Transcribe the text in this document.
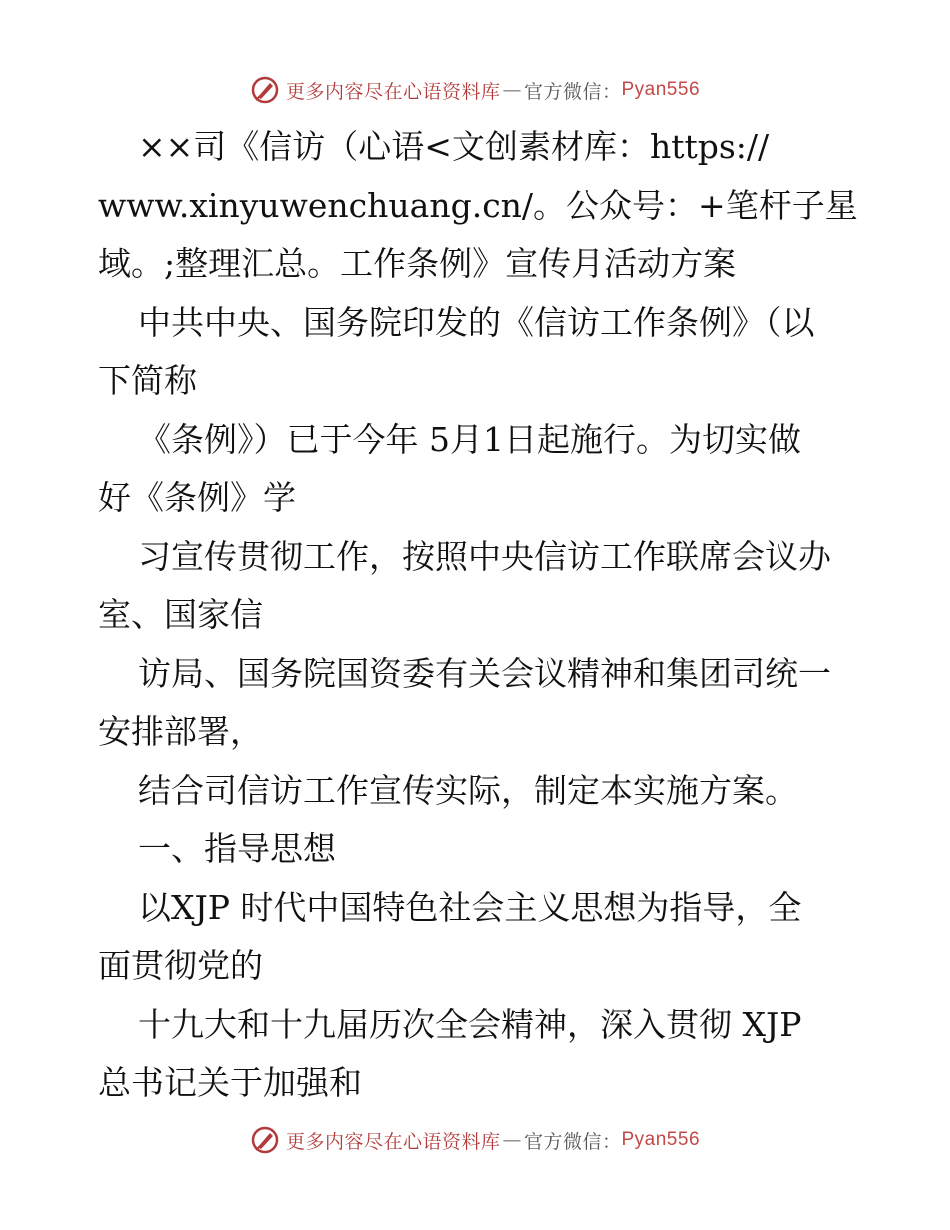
更多内容尽在心语资料库 — 官方微信： Pyan556

××司《信访（心语<文创素材库：https://

www.xinyuwenchuang.cn/。公众号：+笔杆子星

域。;整理汇总。工作条例》宣传月活动方案

中共中央、国务院印发的《信访工作条例》（以

下简称

《条例》）已于今年 5月1日起施行。为切实做

好《条例》学

习宣传贯彻工作，按照中央信访工作联席会议办

室、国家信

访局、国务院国资委有关会议精神和集团司统一

安排部署，

结合司信访工作宣传实际，制定本实施方案。

一、指导思想

以XJP 时代中国特色社会主义思想为指导，全

面贯彻党的

十九大和十九届历次全会精神，深入贯彻 XJP

总书记关于加强和

更多内容尽在心语资料库 — 官方微信： Pyan556
